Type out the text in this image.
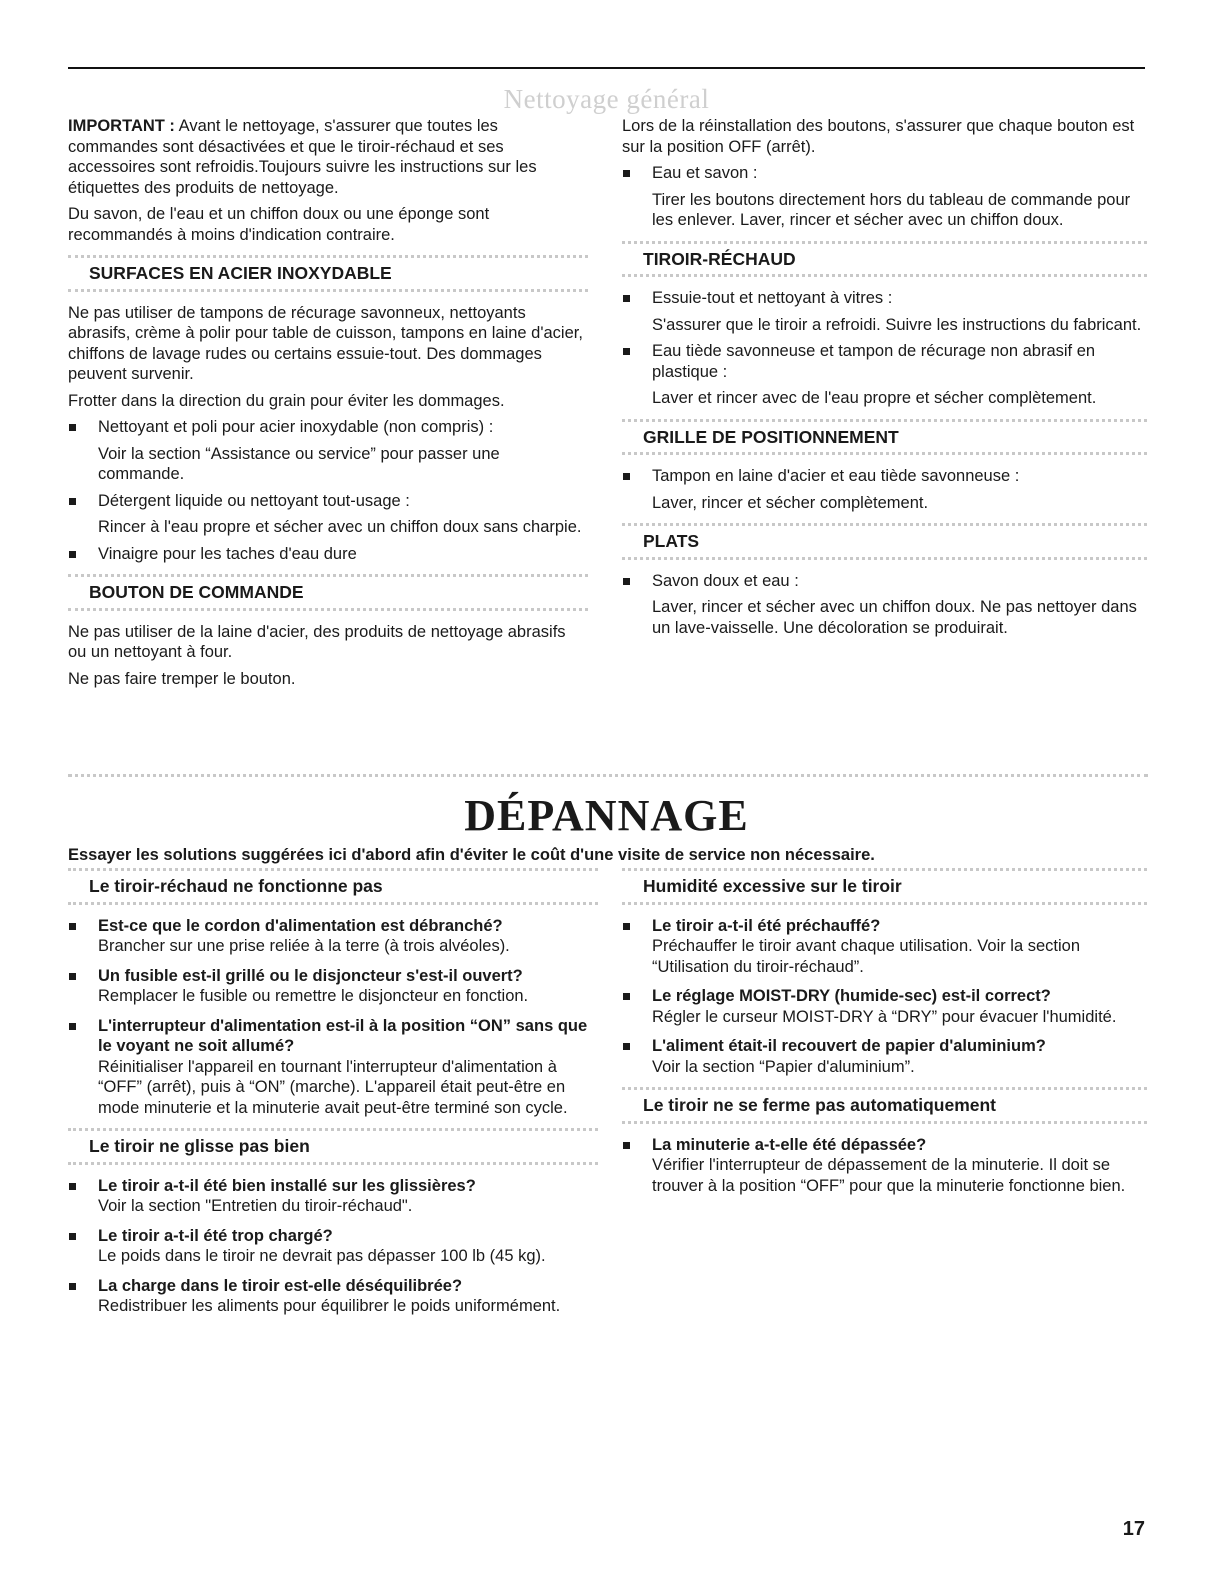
Nettoyage général

IMPORTANT : Avant le nettoyage, s'assurer que toutes les commandes sont désactivées et que le tiroir-réchaud et ses accessoires sont refroidis.Toujours suivre les instructions sur les étiquettes des produits de nettoyage.

Du savon, de l'eau et un chiffon doux ou une éponge sont recommandés à moins d'indication contraire.

SURFACES EN ACIER INOXYDABLE

Ne pas utiliser de tampons de récurage savonneux, nettoyants abrasifs, crème à polir pour table de cuisson, tampons en laine d'acier, chiffons de lavage rudes ou certains essuie-tout. Des dommages peuvent survenir.

Frotter dans la direction du grain pour éviter les dommages.

Nettoyant et poli pour acier inoxydable (non compris) :
Voir la section “Assistance ou service” pour passer une commande.
Détergent liquide ou nettoyant tout-usage :
Rincer à l'eau propre et sécher avec un chiffon doux sans charpie.
Vinaigre pour les taches d'eau dure
BOUTON DE COMMANDE

Ne pas utiliser de la laine d'acier, des produits de nettoyage abrasifs ou un nettoyant à four.

Ne pas faire tremper le bouton.

Lors de la réinstallation des boutons, s'assurer que chaque bouton est sur la position OFF (arrêt).

Eau et savon :
Tirer les boutons directement hors du tableau de commande pour les enlever. Laver, rincer et sécher avec un chiffon doux.
TIROIR-RÉCHAUD
Essuie-tout et nettoyant à vitres :
S'assurer que le tiroir a refroidi. Suivre les instructions du fabricant.
Eau tiède savonneuse et tampon de récurage non abrasif en plastique :
Laver et rincer avec de l'eau propre et sécher complètement.
GRILLE DE POSITIONNEMENT
Tampon en laine d'acier et eau tiède savonneuse :
Laver, rincer et sécher complètement.
PLATS
Savon doux et eau :
Laver, rincer et sécher avec un chiffon doux. Ne pas nettoyer dans un lave-vaisselle. Une décoloration se produirait.
DÉPANNAGE
Essayer les solutions suggérées ici d'abord afin d'éviter le coût d'une visite de service non nécessaire.
Le tiroir-réchaud ne fonctionne pas
Est-ce que le cordon d'alimentation est débranché?
Brancher sur une prise reliée à la terre (à trois alvéoles).
Un fusible est-il grillé ou le disjoncteur s'est-il ouvert?
Remplacer le fusible ou remettre le disjoncteur en fonction.
L'interrupteur d'alimentation est-il à la position “ON” sans que le voyant ne soit allumé?
Réinitialiser l'appareil en tournant l'interrupteur d'alimentation à “OFF” (arrêt), puis à “ON” (marche). L'appareil était peut-être en mode minuterie et la minuterie avait peut-être terminé son cycle.
Le tiroir ne glisse pas bien
Le tiroir a-t-il été bien installé sur les glissières?
Voir la section "Entretien du tiroir-réchaud".
Le tiroir a-t-il été trop chargé?
Le poids dans le tiroir ne devrait pas dépasser 100 lb (45 kg).
La charge dans le tiroir est-elle déséquilibrée?
Redistribuer les aliments pour équilibrer le poids uniformément.
Humidité excessive sur le tiroir
Le tiroir a-t-il été préchauffé?
Préchauffer le tiroir avant chaque utilisation. Voir la section “Utilisation du tiroir-réchaud”.
Le réglage MOIST-DRY (humide-sec) est-il correct?
Régler le curseur MOIST-DRY à “DRY” pour évacuer l'humidité.
L'aliment était-il recouvert de papier d'aluminium?
Voir la section “Papier d'aluminium”.
Le tiroir ne se ferme pas automatiquement
La minuterie a-t-elle été dépassée?
Vérifier l'interrupteur de dépassement de la minuterie. Il doit se trouver à la position “OFF” pour que la minuterie fonctionne bien.
17
